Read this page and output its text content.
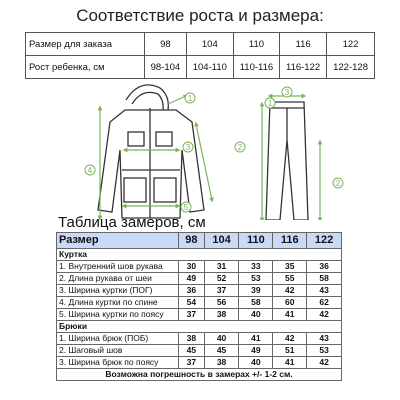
Соответствие роста и размера:
Размер для заказа	98	104	110	116	122
Рост ребенка, см	98-104	104-110	110-116	116-122	122-128
1
2
3
4
5
1
2
3
Таблица замеров, см
Размер	98	104	110	116	122
Куртка					
1. Внутренний шов рукава	30	31	33	35	36
2. Длина рукава от шеи	49	52	53	55	58
3. Ширина куртки (ПОГ)	36	37	39	42	43
4. Длина куртки по спине	54	56	58	60	62
5. Ширина куртки по поясу	37	38	40	41	42
Брюки					
1. Ширина брюк (ПОБ)	38	40	41	42	43
2. Шаговый шов	45	45	49	51	53
3. Ширина брюк по поясу	37	38	40	41	42
Возможна погрешность в замерах +/- 1-2 см.					
